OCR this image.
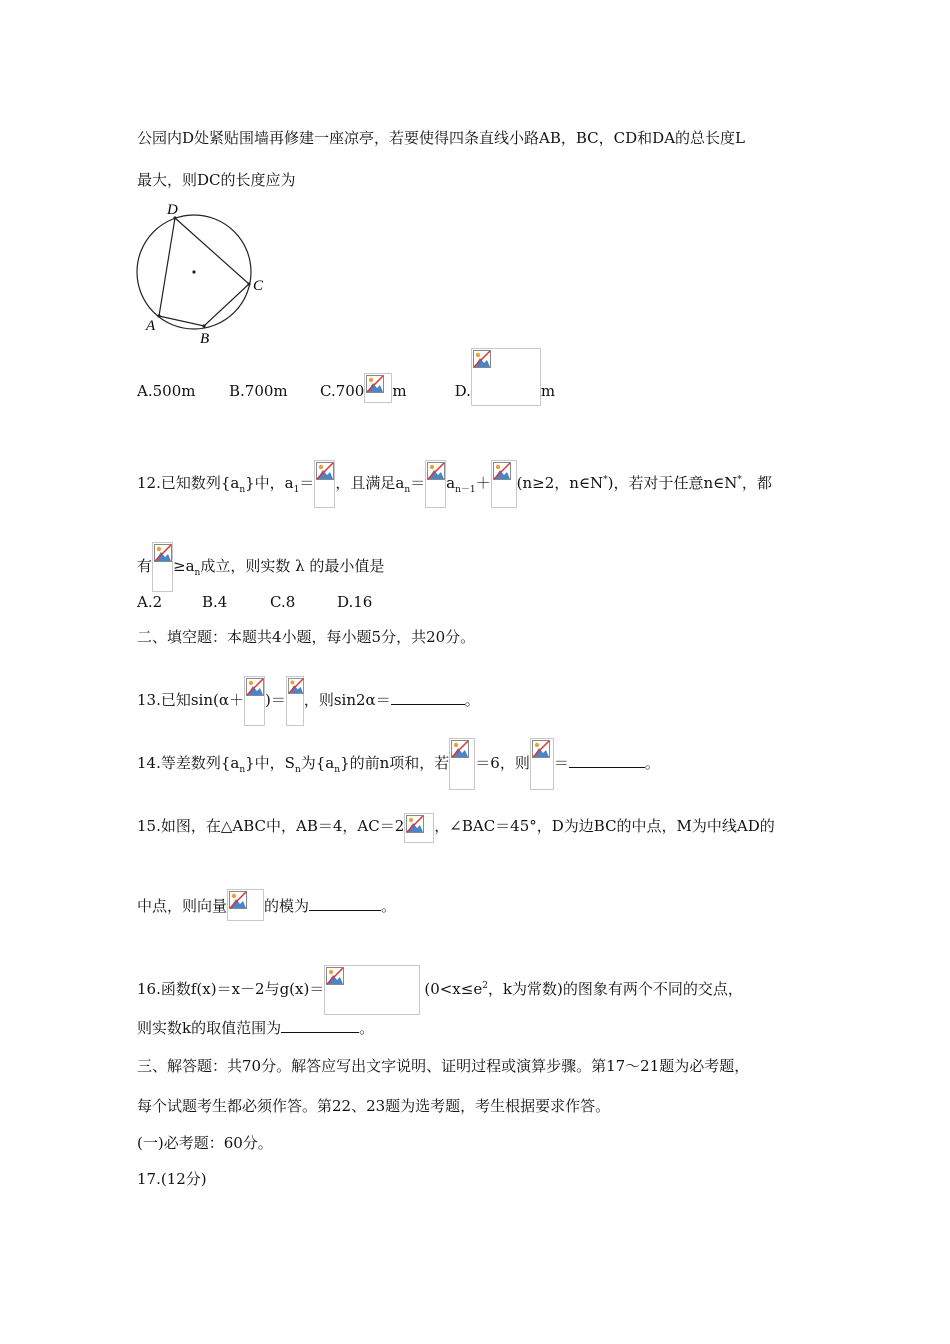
公园内D处紧贴围墙再修建一座凉亭，若要使得四条直线小路AB，BC，CD和DA的总长度L
最大，则DC的长度应为
D
C
A
B
A.500m B.700m C.700 m	D.	m
12.已知数列$\{a_n\}$中，$a_1=$ ，且满足$a_n= a_{n-1}+ (n\ge 2$，n∈N*)，若对于任意n∈N*，都
有 $\ge a_n$成立，则实数 λ 的最小值是
A.2	B.4	C.8	D.16
二、填空题：本题共4小题，每小题5分，共20分。
13.已知sin(α＋ )＝ ，则sin2α＝	。
14.等差数列$\{a_n\}$中，$S_n$为$\{a_n\}$的前n项和，若 ＝6，则 ＝	。
15.如图，在△ABC中，AB＝4，AC＝2 ，∠BAC＝45°，D为边BC的中点，M为中线AD的
中点，则向量 的模为	。
16.函数f(x)＝x－2与g(x)＝	($0<x\le e^2$，k为常数)的图象有两个不同的交点，
则实数k的取值范围为	。
三、解答题：共70分。解答应写出文字说明、证明过程或演算步骤。第17～21题为必考题，
每个试题考生都必须作答。第22、23题为选考题，考生根据要求作答。
(一)必考题：60分。
17.(12分)
